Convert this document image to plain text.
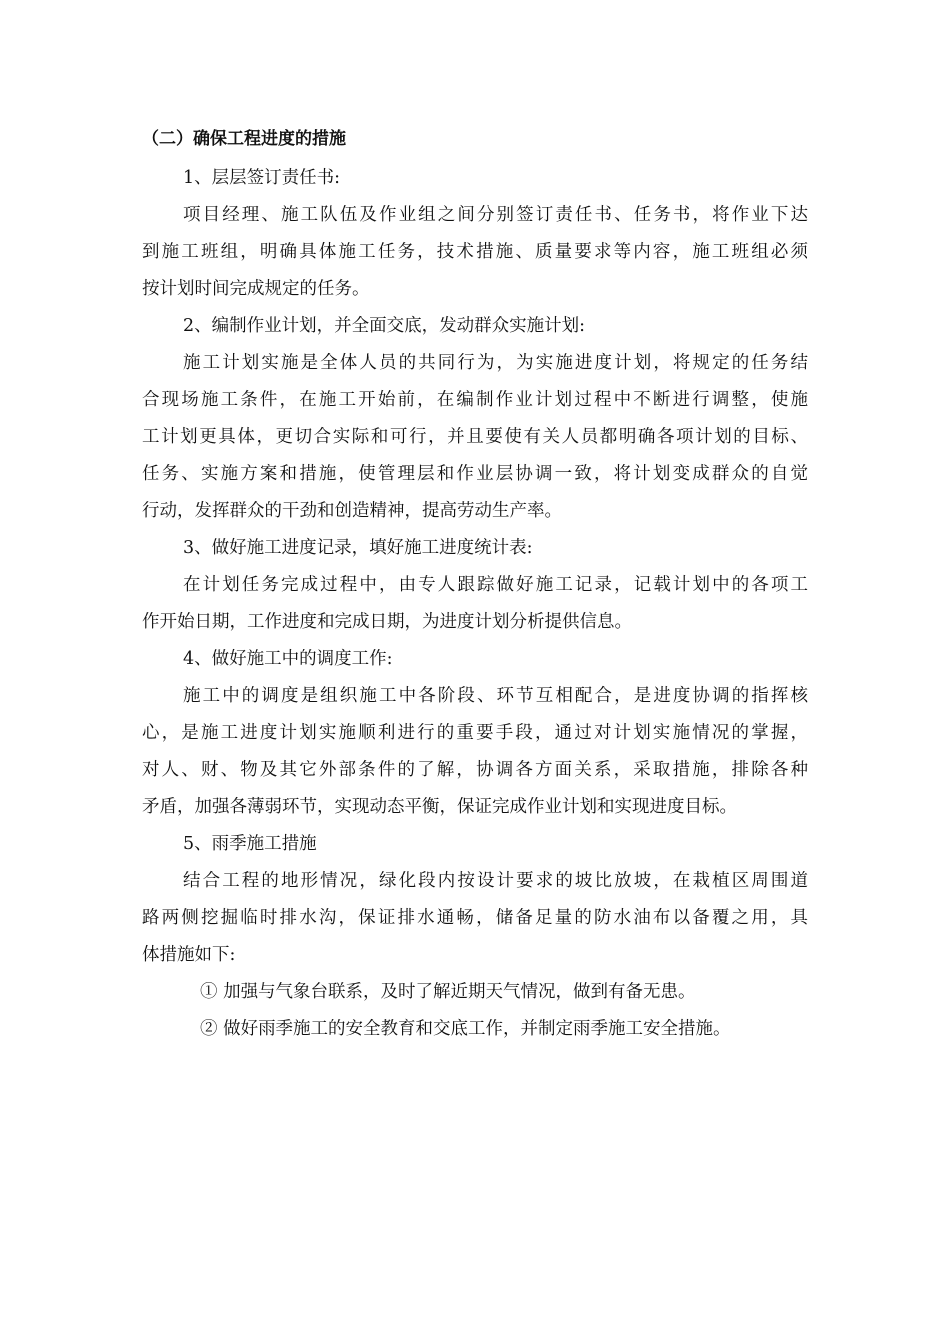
（二）确保工程进度的措施
1、层层签订责任书:
项目经理、施工队伍及作业组之间分别签订责任书、任务书，将作业下达
到施工班组，明确具体施工任务，技术措施、质量要求等内容，施工班组必须
按计划时间完成规定的任务。
2、编制作业计划，并全面交底，发动群众实施计划:
施工计划实施是全体人员的共同行为，为实施进度计划，将规定的任务结
合现场施工条件，在施工开始前，在编制作业计划过程中不断进行调整，使施
工计划更具体，更切合实际和可行，并且要使有关人员都明确各项计划的目标、
任务、实施方案和措施，使管理层和作业层协调一致，将计划变成群众的自觉
行动，发挥群众的干劲和创造精神，提高劳动生产率。
3、做好施工进度记录，填好施工进度统计表:
在计划任务完成过程中，由专人跟踪做好施工记录，记载计划中的各项工
作开始日期，工作进度和完成日期，为进度计划分析提供信息。
4、做好施工中的调度工作:
施工中的调度是组织施工中各阶段、环节互相配合，是进度协调的指挥核
心，是施工进度计划实施顺利进行的重要手段，通过对计划实施情况的掌握，
对人、财、物及其它外部条件的了解，协调各方面关系，采取措施，排除各种
矛盾，加强各薄弱环节，实现动态平衡，保证完成作业计划和实现进度目标。
5、雨季施工措施
结合工程的地形情况，绿化段内按设计要求的坡比放坡，在栽植区周围道
路两侧挖掘临时排水沟，保证排水通畅，储备足量的防水油布以备覆之用，具
体措施如下:
① 加强与气象台联系，及时了解近期天气情况，做到有备无患。
② 做好雨季施工的安全教育和交底工作，并制定雨季施工安全措施。
